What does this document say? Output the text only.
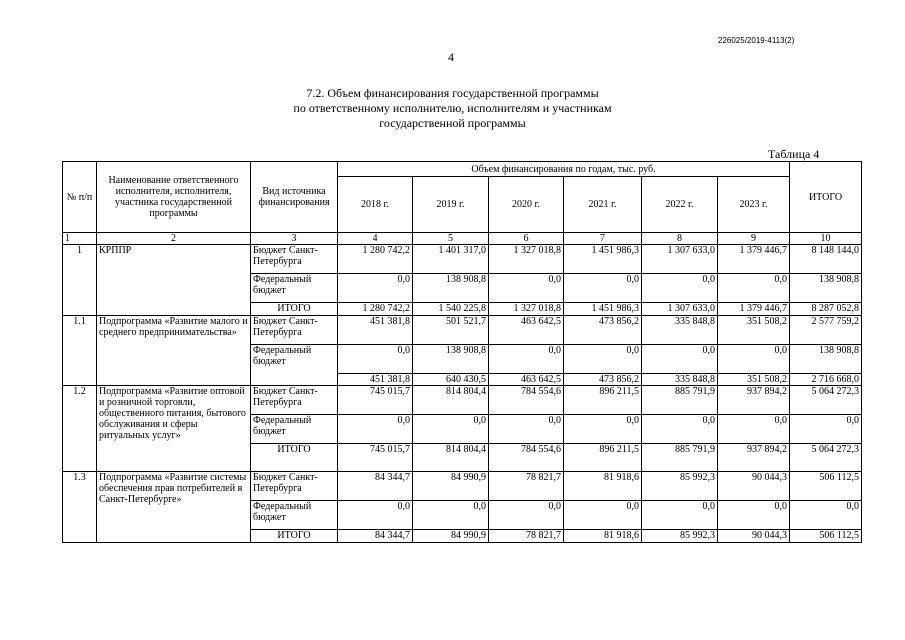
226025/2019-4113(2)
4
7.2. Объем финансирования государственной программы
по ответственному исполнителю, исполнителям и участникам
государственной программы
Таблица 4
№ п/п	Наименование ответственного исполнителя, исполнителя, участника государственной программы	Вид источника финансирования	Объем финансирования по годам, тыс. руб.						ИТОГО
			2018 г.	2019 г.	2020 г.	2021 г.	2022 г.	2023 г.	
1	2	3	4	5	6	7	8	9	10
1	КРППР	Бюджет Санкт-Петербурга	1 280 742,2	1 401 317,0	1 327 018,8	1 451 986,3	1 307 633,0	1 379 446,7	8 148 144,0
		Федеральный бюджет	0,0	138 908,8	0,0	0,0	0,0	0,0	138 908,8
		ИТОГО	1 280 742,2	1 540 225,8	1 327 018,8	1 451 986,3	1 307 633,0	1 379 446,7	8 287 052,8
1.1	Подпрограмма «Развитие малого и среднего предпринимательства»	Бюджет Санкт-Петербурга	451 381,8	501 521,7	463 642,5	473 856,2	335 848,8	351 508,2	2 577 759,2
		Федеральный бюджет	0,0	138 908,8	0,0	0,0	0,0	0,0	138 908,8
			451 381,8	640 430,5	463 642,5	473 856,2	335 848,8	351 508,2	2 716 668,0
1.2	Подпрограмма «Развитие оптовой и розничной торговли, общественного питания, бытового обслуживания и сферы ритуальных услуг»	Бюджет Санкт-Петербурга	745 015,7	814 804,4	784 554,6	896 211,5	885 791,9	937 894,2	5 064 272,3
		Федеральный бюджет	0,0	0,0	0,0	0,0	0,0	0,0	0,0
		ИТОГО	745 015,7	814 804,4	784 554,6	896 211,5	885 791,9	937 894,2	5 064 272,3
1.3	Подпрограмма «Развитие системы обеспечения прав потребителей в Санкт-Петербурге»	Бюджет Санкт-Петербурга	84 344,7	84 990,9	78 821,7	81 918,6	85 992,3	90 044,3	506 112,5
		Федеральный бюджет	0,0	0,0	0,0	0,0	0,0	0,0	0,0
		ИТОГО	84 344,7	84 990,9	78 821,7	81 918,6	85 992,3	90 044,3	506 112,5
